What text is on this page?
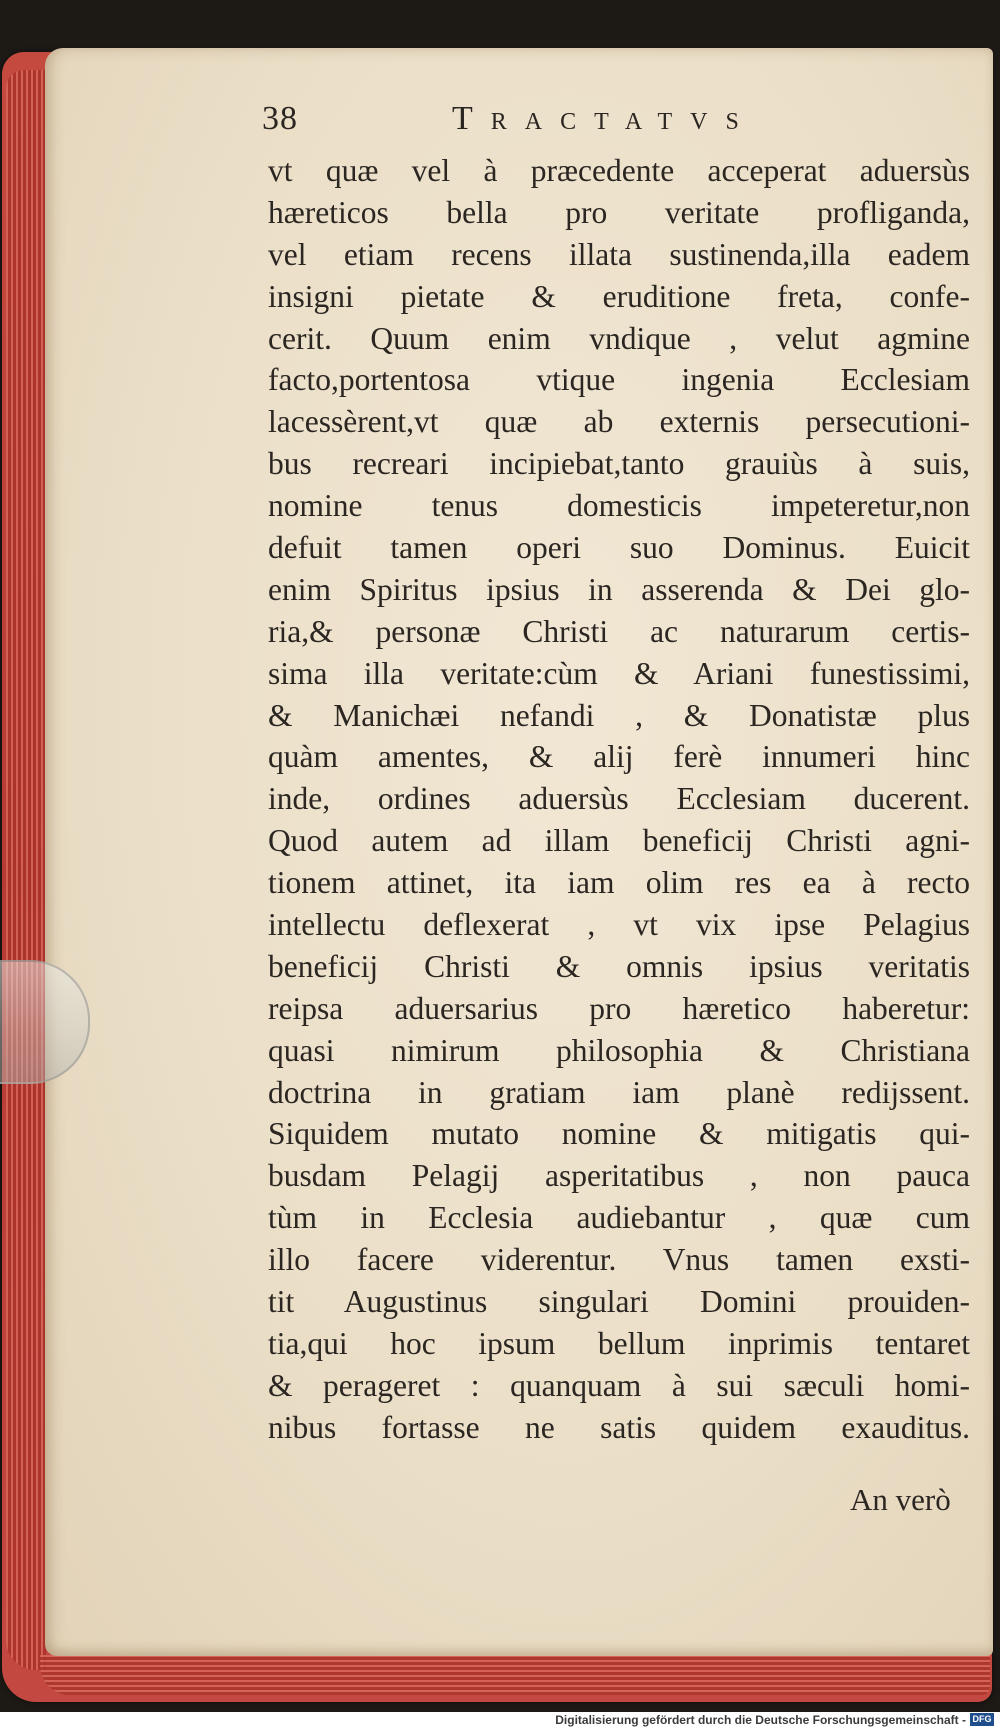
38	Tractatvs
vt quæ vel à præcedente acceperat aduersùs
hæreticos bella pro veritate profliganda,
vel etiam recens illata sustinenda,illa eadem
insigni pietate & eruditione freta, confe-
cerit. Quum enim vndique , velut agmine
facto,portentosa vtique ingenia Ecclesiam
lacessèrent,vt quæ ab externis persecutioni-
bus recreari incipiebat,tanto grauiùs à suis,
nomine tenus domesticis impeteretur,non
defuit tamen operi suo Dominus. Euicit
enim Spiritus ipsius in asserenda & Dei glo-
ria,& personæ Christi ac naturarum certis-
sima illa veritate:cùm & Ariani funestissimi,
& Manichæi nefandi , & Donatistæ plus
quàm amentes, & alij ferè innumeri hinc
inde, ordines aduersùs Ecclesiam ducerent.
Quod autem ad illam beneficij Christi agni-
tionem attinet, ita iam olim res ea à recto
intellectu deflexerat , vt vix ipse Pelagius
beneficij Christi & omnis ipsius veritatis
reipsa aduersarius pro hæretico haberetur:
quasi nimirum philosophia & Christiana
doctrina in gratiam iam planè redijssent.
Siquidem mutato nomine & mitigatis qui-
busdam Pelagij asperitatibus , non pauca
tùm in Ecclesia audiebantur , quæ cum
illo facere viderentur. Vnus tamen exsti-
tit Augustinus singulari Domini prouiden-
tia,qui hoc ipsum bellum inprimis tentaret
& perageret : quanquam à sui sæculi homi-
nibus fortasse ne satis quidem exauditus.
An verò
Digitalisierung gefördert durch die Deutsche Forschungsgemeinschaft - DFG
